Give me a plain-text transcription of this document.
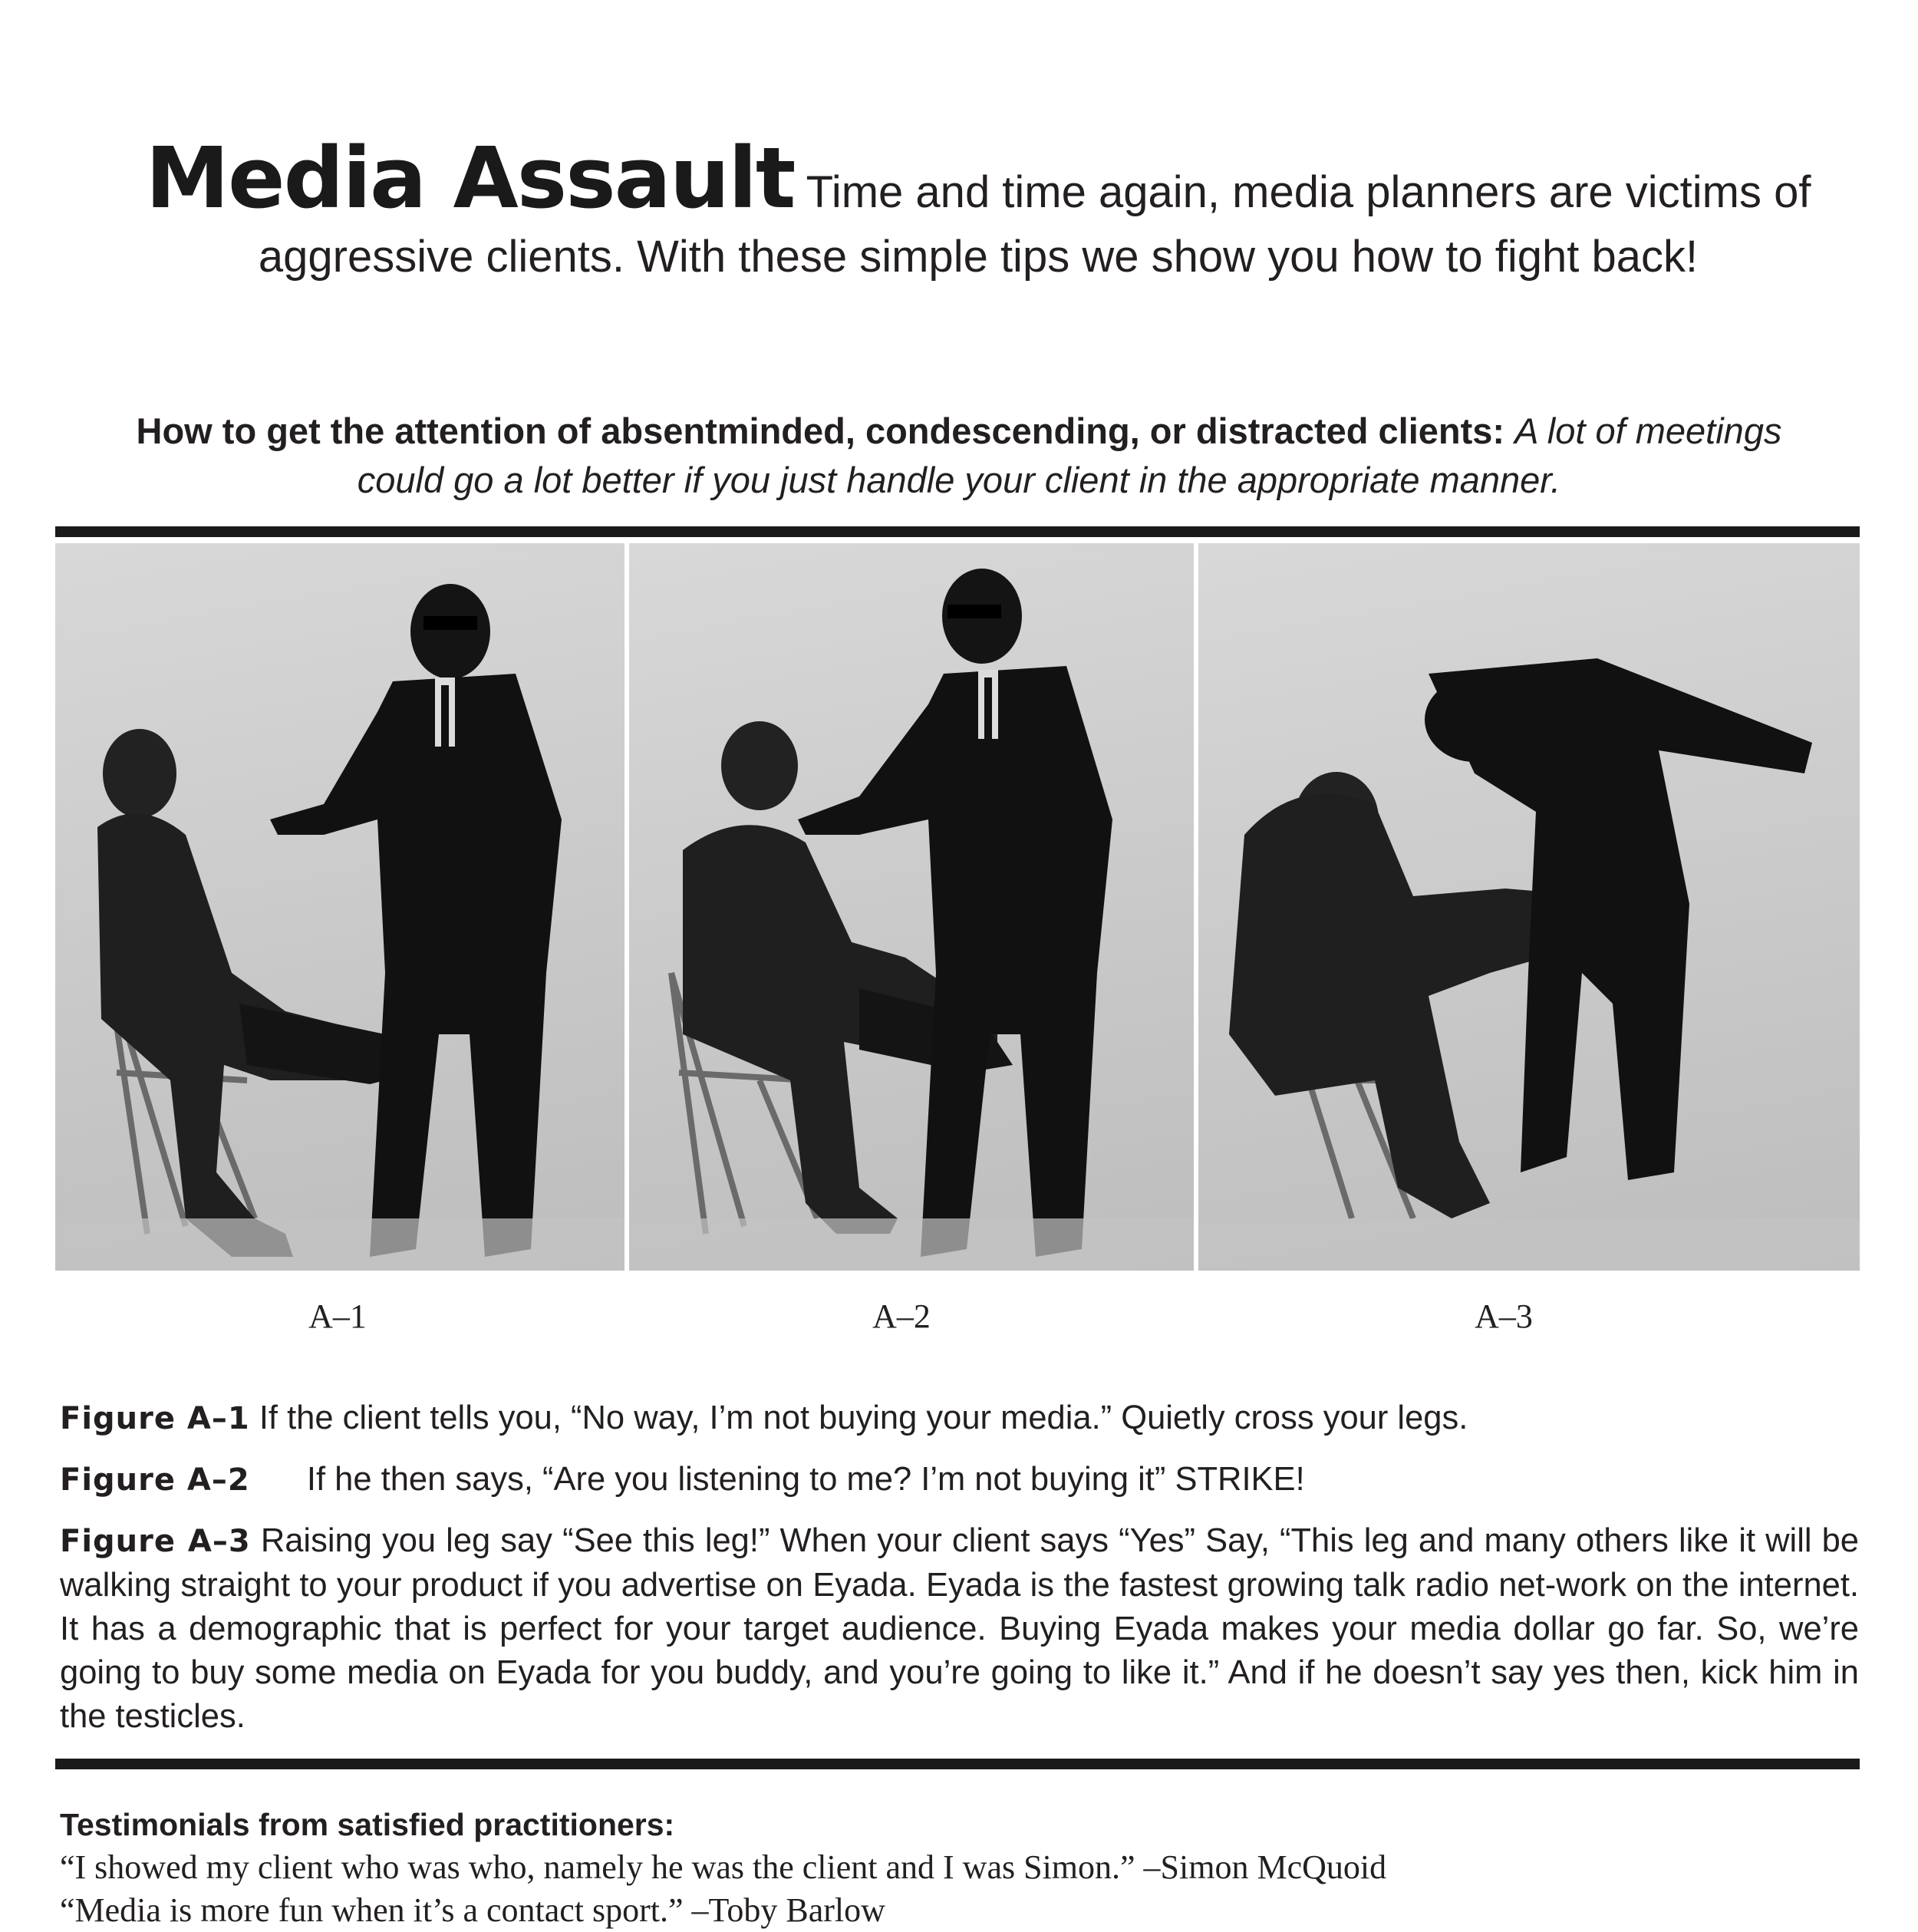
Media Assault Time and time again, media planners are victims of aggressive clients. With these simple tips we show you how to fight back!
How to get the attention of absentminded, condescending, or distracted clients: A lot of meetings could go a lot better if you just handle your client in the appropriate manner.
A–1	A–2	A–3

Figure A–1 If the client tells you, “No way, I’m not buying your media.” Quietly cross your legs.

Figure A–2 If he then says, “Are you listening to me? I’m not buying it” STRIKE!

Figure A–3 Raising you leg say “See this leg!” When your client says “Yes” Say, “This leg and many others like it will be walking straight to your product if you advertise on Eyada. Eyada is the fastest growing talk radio net-work on the internet. It has a demographic that is perfect for your target audience. Buying Eyada makes your media dollar go far. So, we’re going to buy some media on Eyada for you buddy, and you’re going to like it.” And if he doesn’t say yes then, kick him in the testicles.

Testimonials from satisfied practitioners:
“I showed my client who was who, namely he was the client and I was Simon.” –Simon McQuoid
“Media is more fun when it’s a contact sport.” –Toby Barlow
